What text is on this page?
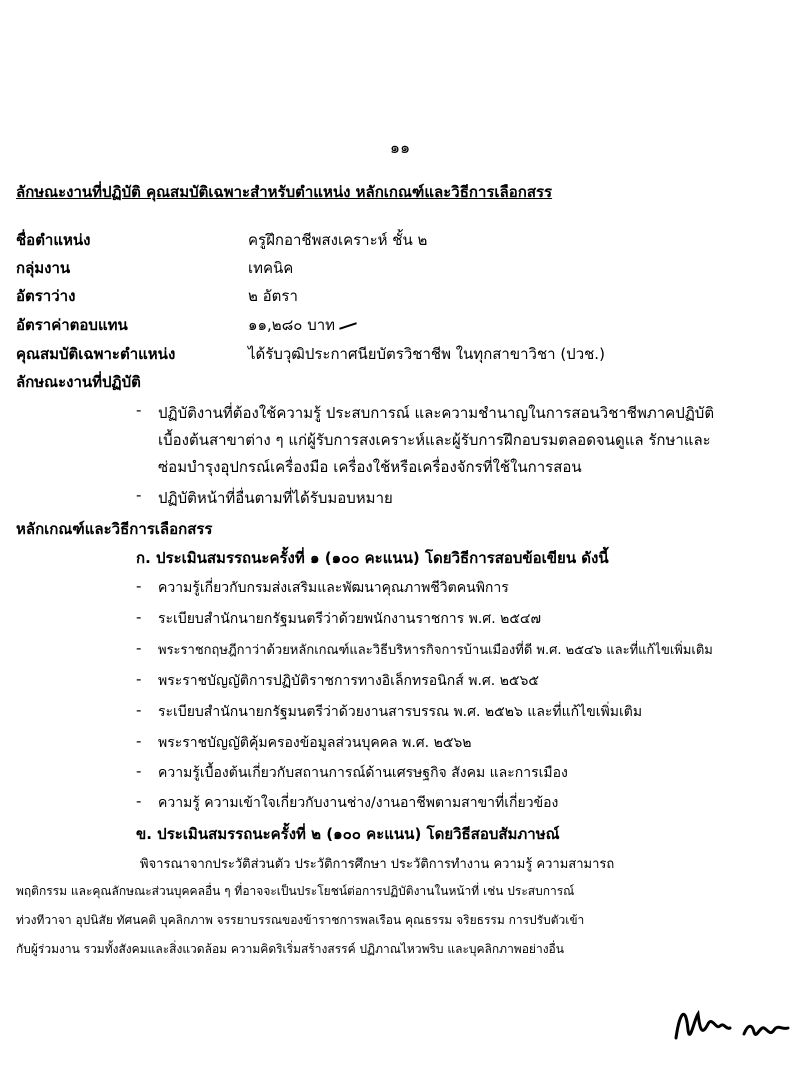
๑๑
ลักษณะงานที่ปฏิบัติ คุณสมบัติเฉพาะสำหรับตำแหน่ง หลักเกณฑ์และวิธีการเลือกสรร
ชื่อตำแหน่ง	ครูฝึกอาชีพสงเคราะห์ ชั้น ๒
กลุ่มงาน	เทคนิค
อัตราว่าง	๒ อัตรา
อัตราค่าตอบแทน	๑๑,๒๘๐ บาท
คุณสมบัติเฉพาะตำแหน่ง	ได้รับวุฒิประกาศนียบัตรวิชาชีพ ในทุกสาขาวิชา (ปวช.)
ลักษณะงานที่ปฏิบัติ
- ปฏิบัติงานที่ต้องใช้ความรู้ ประสบการณ์ และความชำนาญในการสอนวิชาชีพภาคปฏิบัติ
เบื้องต้นสาขาต่าง ๆ แก่ผู้รับการสงเคราะห์และผู้รับการฝึกอบรมตลอดจนดูแล รักษาและ
ซ่อมบำรุงอุปกรณ์เครื่องมือ เครื่องใช้หรือเครื่องจักรที่ใช้ในการสอน
- ปฏิบัติหน้าที่อื่นตามที่ได้รับมอบหมาย
หลักเกณฑ์และวิธีการเลือกสรร
ก. ประเมินสมรรถนะครั้งที่ ๑ (๑๐๐ คะแนน) โดยวิธีการสอบข้อเขียน ดังนี้
- ความรู้เกี่ยวกับกรมส่งเสริมและพัฒนาคุณภาพชีวิตคนพิการ
- ระเบียบสำนักนายกรัฐมนตรีว่าด้วยพนักงานราชการ พ.ศ. ๒๕๔๗
- พระราชกฤษฎีกาว่าด้วยหลักเกณฑ์และวิธีบริหารกิจการบ้านเมืองที่ดี พ.ศ. ๒๕๔๖ และที่แก้ไขเพิ่มเติม
- พระราชบัญญัติการปฏิบัติราชการทางอิเล็กทรอนิกส์ พ.ศ. ๒๕๖๕
- ระเบียบสำนักนายกรัฐมนตรีว่าด้วยงานสารบรรณ พ.ศ. ๒๕๒๖ และที่แก้ไขเพิ่มเติม
- พระราชบัญญัติคุ้มครองข้อมูลส่วนบุคคล พ.ศ. ๒๕๖๒
- ความรู้เบื้องต้นเกี่ยวกับสถานการณ์ด้านเศรษฐกิจ สังคม และการเมือง
- ความรู้ ความเข้าใจเกี่ยวกับงานช่าง/งานอาชีพตามสาขาที่เกี่ยวข้อง
ข. ประเมินสมรรถนะครั้งที่ ๒ (๑๐๐ คะแนน) โดยวิธีสอบสัมภาษณ์
พิจารณาจากประวัติส่วนตัว ประวัติการศึกษา ประวัติการทำงาน ความรู้ ความสามารถ
พฤติกรรม และคุณลักษณะส่วนบุคคลอื่น ๆ ที่อาจจะเป็นประโยชน์ต่อการปฏิบัติงานในหน้าที่ เช่น ประสบการณ์
ท่วงทีวาจา อุปนิสัย ทัศนคติ บุคลิกภาพ จรรยาบรรณของข้าราชการพลเรือน คุณธรรม จริยธรรม การปรับตัวเข้า
กับผู้ร่วมงาน รวมทั้งสังคมและสิ่งแวดล้อม ความคิดริเริ่มสร้างสรรค์ ปฏิภาณไหวพริบ และบุคลิกภาพอย่างอื่น
